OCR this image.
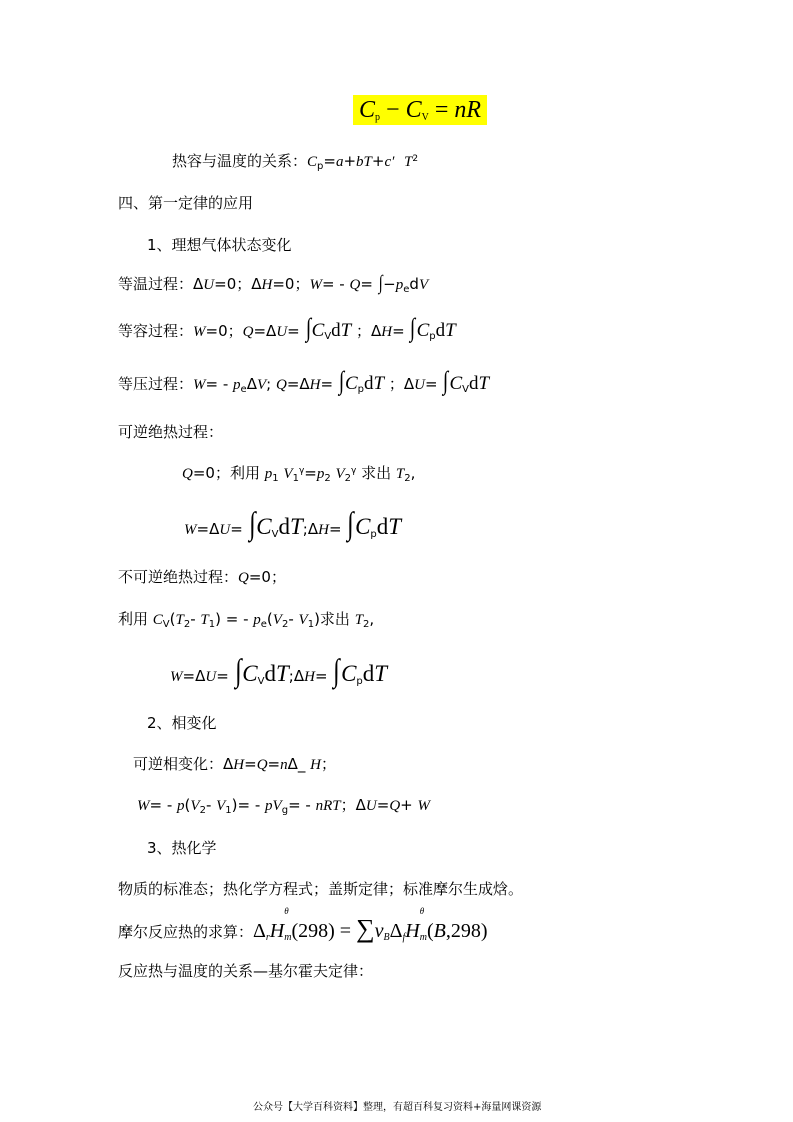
$C_p - C_V$ = nR
热容与温度的关系：$C_p=a+bT+c'$ $T^2$
四、第一定律的应用
1、理想气体状态变化
等温过程：ΔU=0；ΔH=0；$W= - Q= \int-p_edV$
等容过程：W=0；$Q=\Delta U= \int C_VdT$ ；$\Delta H= \int C_pdT$
等压过程：$W= - p_e\Delta V$; $Q=\Delta H= \int C_pdT$ ；$\Delta U= \int C_VdT$
可逆绝热过程：
Q=0；利用 $p_1$ $V_1^\gamma=p_2$ $V_2^\gamma$ 求出 $T_2$,
$W=\Delta U= \int C_VdT;\Delta H= \int C_pdT$
不可逆绝热过程：Q=0；
利用 $C_V(T_2-$ $T_1$) = - $p_e(V_2-$ $V_1$)求出 $T_2$,
$W=\Delta U= \int C_VdT;\Delta H= \int C_pdT$
2、相变化
可逆相变化：ΔH=Q=nΔ_ H；
$W= - p(V_2-$ $V_1)= - pV_g=$ - nRT；ΔU=Q+ W
3、热化学
物质的标准态；热化学方程式；盖斯定律；标准摩尔生成焓。
摩尔反应热的求算：$\Delta_rH$
θ
$_m(298) = \sum\nu_B\Delta_fH$
θ
$_m$(B,298)
反应热与温度的关系—基尔霍夫定律：
公众号【大学百科资料】整理，有超百科复习资料+海量网课资源
